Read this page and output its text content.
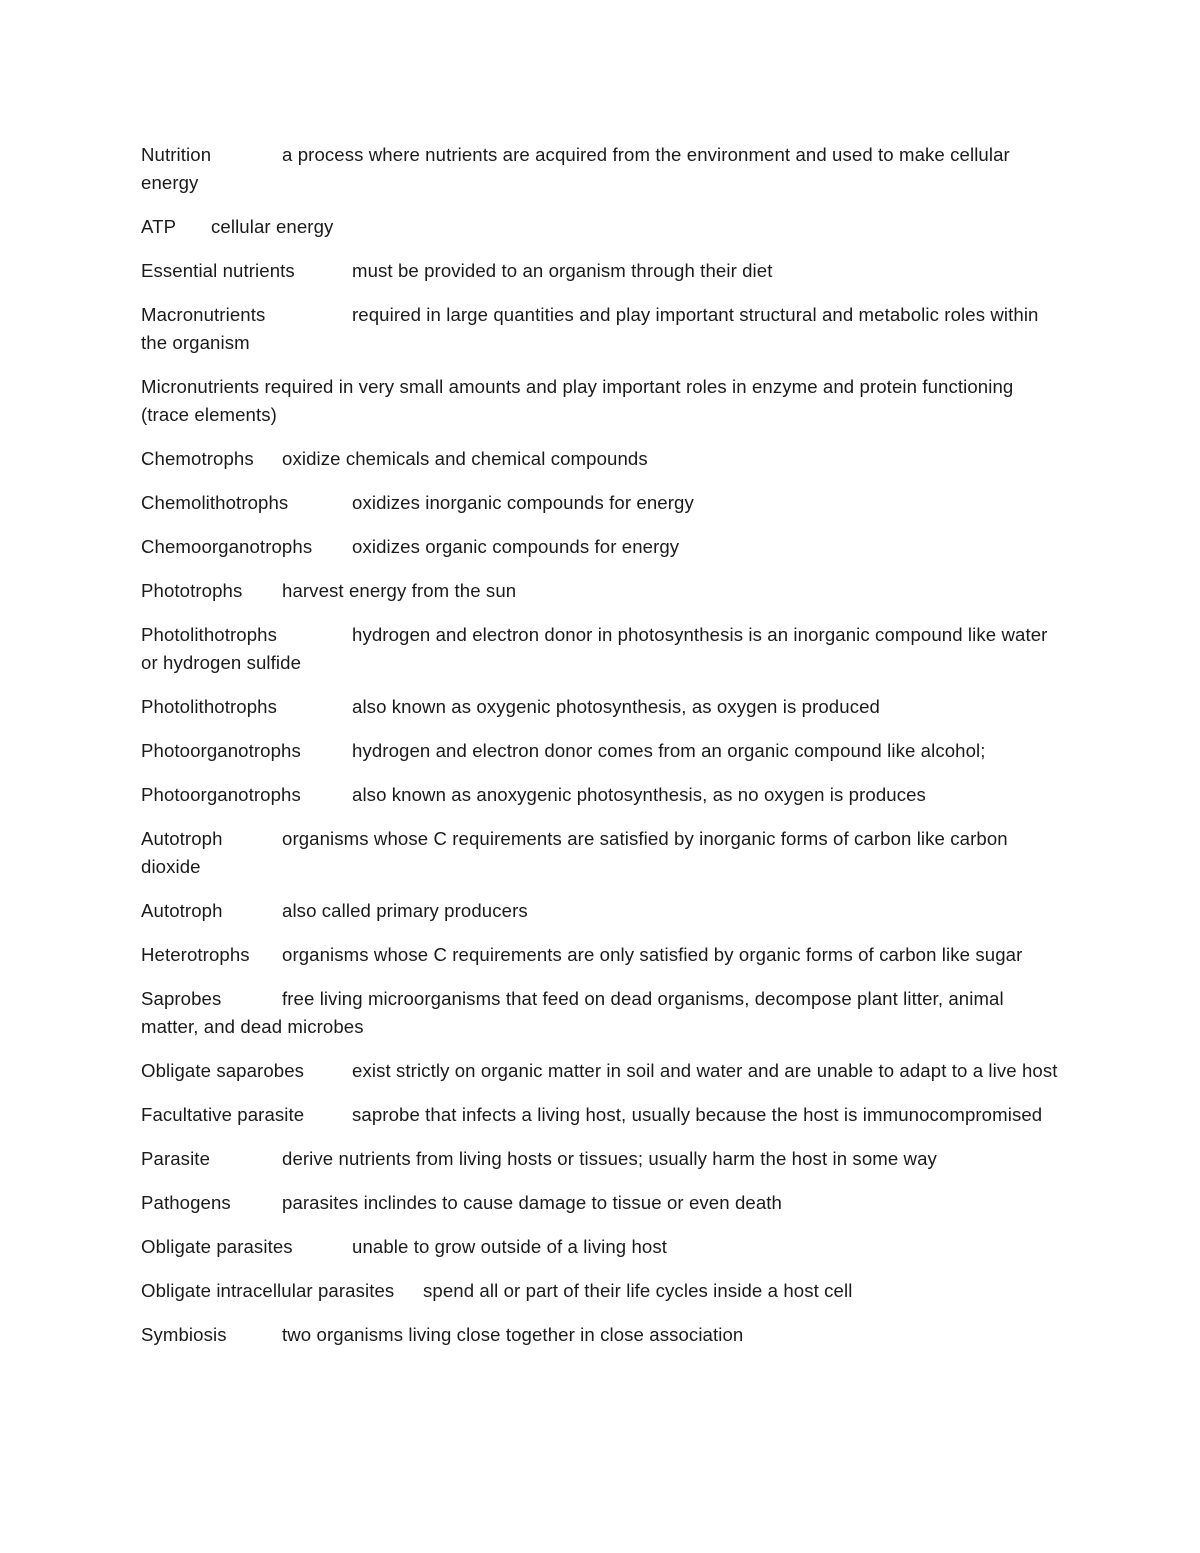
Nutrition	a process where nutrients are acquired from the environment and used to make cellular energy

ATP cellular energy

Essential nutrients	must be provided to an organism through their diet

Macronutrients	required in large quantities and play important structural and metabolic roles within the organism

Micronutrients required in very small amounts and play important roles in enzyme and protein functioning (trace elements)

Chemotrophs oxidize chemicals and chemical compounds

Chemolithotrophs	oxidizes inorganic compounds for energy

Chemoorganotrophs oxidizes organic compounds for energy

Phototrophs harvest energy from the sun

Photolithotrophs	hydrogen and electron donor in photosynthesis is an inorganic compound like water or hydrogen sulfide

Photolithotrophs	also known as oxygenic photosynthesis, as oxygen is produced

Photoorganotrophs	hydrogen and electron donor comes from an organic compound like alcohol;

Photoorganotrophs	also known as anoxygenic photosynthesis, as no oxygen is produces

Autotroph	organisms whose C requirements are satisfied by inorganic forms of carbon like carbon dioxide

Autotroph	also called primary producers

Heterotrophs organisms whose C requirements are only satisfied by organic forms of carbon like sugar

Saprobes	free living microorganisms that feed on dead organisms, decompose plant litter, animal matter, and dead microbes

Obligate saparobes	exist strictly on organic matter in soil and water and are unable to adapt to a live host

Facultative parasite	saprobe that infects a living host, usually because the host is immunocompromised

Parasite	derive nutrients from living hosts or tissues; usually harm the host in some way

Pathogens	parasites inclindes to cause damage to tissue or even death

Obligate parasites	unable to grow outside of a living host

Obligate intracellular parasites spend all or part of their life cycles inside a host cell

Symbiosis	two organisms living close together in close association
